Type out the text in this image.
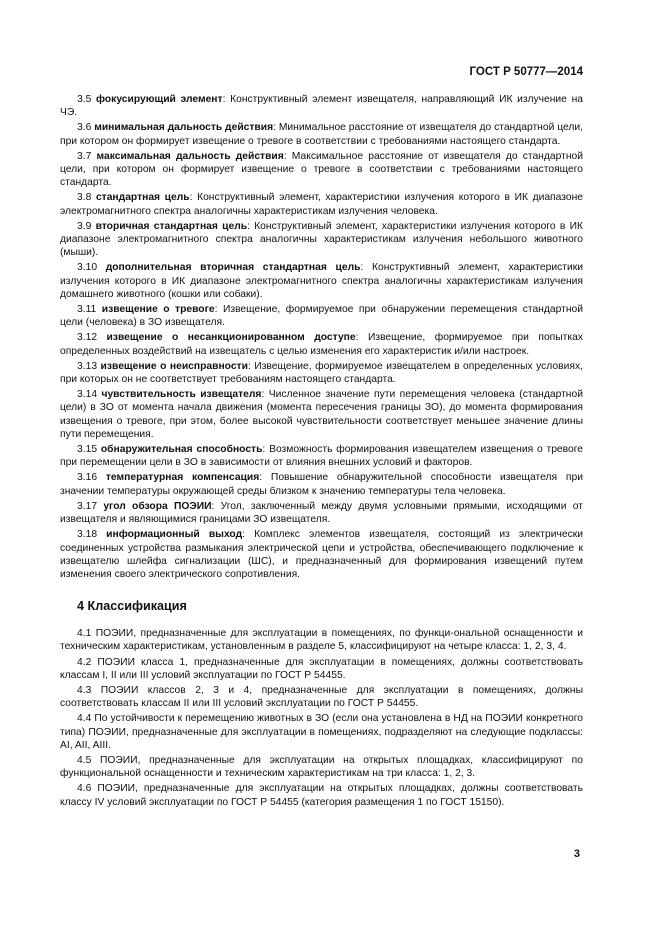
ГОСТ Р 50777—2014

3.5 фокусирующий элемент: Конструктивный элемент извещателя, направляющий ИК излучение на ЧЭ.

3.6 минимальная дальность действия: Минимальное расстояние от извещателя до стандартной цели, при котором он формирует извещение о тревоге в соответствии с требованиями настоящего стандарта.

3.7 максимальная дальность действия: Максимальное расстояние от извещателя до стандартной цели, при котором он формирует извещение о тревоге в соответствии с требованиями настоящего стандарта.

3.8 стандартная цель: Конструктивный элемент, характеристики излучения которого в ИК диапазоне электромагнитного спектра аналогичны характеристикам излучения человека.

3.9 вторичная стандартная цель: Конструктивный элемент, характеристики излучения которого в ИК диапазоне электромагнитного спектра аналогичны характеристикам излучения небольшого животного (мыши).

3.10 дополнительная вторичная стандартная цель: Конструктивный элемент, характеристики излучения которого в ИК диапазоне электромагнитного спектра аналогичны характеристикам излучения домашнего животного (кошки или собаки).

3.11 извещение о тревоге: Извещение, формируемое при обнаружении перемещения стандартной цели (человека) в ЗО извещателя.

3.12 извещение о несанкционированном доступе: Извещение, формируемое при попытках определенных воздействий на извещатель с целью изменения его характеристик и/или настроек.

3.13 извещение о неисправности: Извещение, формируемое извещателем в определенных условиях, при которых он не соответствует требованиям настоящего стандарта.

3.14 чувствительность извещателя: Численное значение пути перемещения человека (стандартной цели) в ЗО от момента начала движения (момента пересечения границы ЗО), до момента формирования извещения о тревоге, при этом, более высокой чувствительности соответствует меньшее значение длины пути перемещения.

3.15 обнаружительная способность: Возможность формирования извещателем извещения о тревоге при перемещении цели в ЗО в зависимости от влияния внешних условий и факторов.

3.16 температурная компенсация: Повышение обнаружительной способности извещателя при значении температуры окружающей среды близком к значению температуры тела человека.

3.17 угол обзора ПОЭИИ: Угол, заключенный между двумя условными прямыми, исходящими от извещателя и являющимися границами ЗО извещателя.

3.18 информационный выход: Комплекс элементов извещателя, состоящий из электрически соединенных устройства размыкания электрической цепи и устройства, обеспечивающего подключение к извещателю шлейфа сигнализации (ШС), и предназначенный для формирования извещений путем изменения своего электрического сопротивления.

4 Классификация

4.1 ПОЭИИ, предназначенные для эксплуатации в помещениях, по функци-ональной оснащенности и техническим характеристикам, установленным в разделе 5, классифицируют на четыре класса: 1, 2, 3, 4.

4.2 ПОЭИИ класса 1, предназначенные для эксплуатации в помещениях, должны соответствовать классам I, II или III условий эксплуатации по ГОСТ Р 54455.

4.3 ПОЭИИ классов 2, 3 и 4, предназначенные для эксплуатации в помещениях, должны соответствовать классам II или III условий эксплуатации по ГОСТ Р 54455.

4.4 По устойчивости к перемещению животных в ЗО (если она установлена в НД на ПОЭИИ конкретного типа) ПОЭИИ, предназначенные для эксплуатации в помещениях, подразделяют на следующие подклассы: AI, AII, AIII.

4.5 ПОЭИИ, предназначенные для эксплуатации на открытых площадках, классифицируют по функциональной оснащенности и техническим характеристикам на три класса: 1, 2, 3.

4.6 ПОЭИИ, предназначенные для эксплуатации на открытых площадках, должны соответствовать классу IV условий эксплуатации по ГОСТ Р 54455 (категория размещения 1 по ГОСТ 15150).

3
